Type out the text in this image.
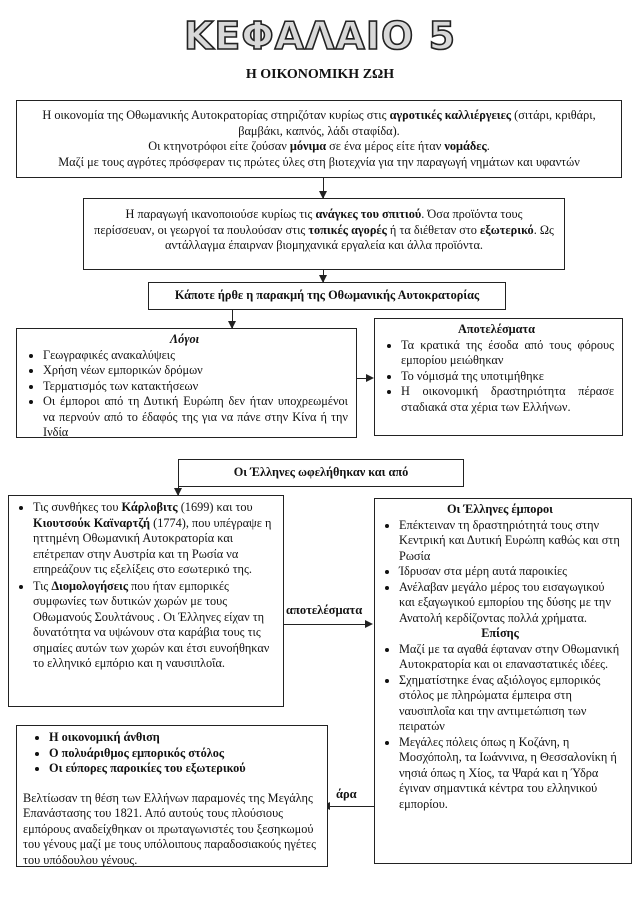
ΚΕΦΑΛΑΙΟ 5
Η ΟΙΚΟΝΟΜΙΚΗ ΖΩΗ
Η οικονομία της Οθωμανικής Αυτοκρατορίας στηριζόταν κυρίως στις αγροτικές καλλιέργειες (σιτάρι, κριθάρι, βαμβάκι, καπνός, λάδι σταφίδα).
Οι κτηνοτρόφοι είτε ζούσαν μόνιμα σε ένα μέρος είτε ήταν νομάδες.
Μαζί με τους αγρότες πρόσφεραν τις πρώτες ύλες στη βιοτεχνία για την παραγωγή νημάτων και υφαντών
Η παραγωγή ικανοποιούσε κυρίως τις ανάγκες του σπιτιού. Όσα προϊόντα τους περίσσευαν, οι γεωργοί τα πουλούσαν στις τοπικές αγορές ή τα διέθεταν στο εξωτερικό. Ως αντάλλαγμα έπαιρναν βιομηχανικά εργαλεία και άλλα προϊόντα.
Κάποτε ήρθε η παρακμή της Οθωμανικής Αυτοκρατορίας
Λόγοι
• Γεωγραφικές ανακαλύψεις
• Χρήση νέων εμπορικών δρόμων
• Τερματισμός των κατακτήσεων
• Οι έμποροι από τη Δυτική Ευρώπη δεν ήταν υποχρεωμένοι να περνούν από το έδαφός της για να πάνε στην Κίνα ή την Ινδία
Αποτελέσματα
• Τα κρατικά της έσοδα από τους φόρους εμπορίου μειώθηκαν
• Το νόμισμά της υποτιμήθηκε
• Η οικονομική δραστηριότητα πέρασε σταδιακά στα χέρια των Ελλήνων.
Οι Έλληνες ωφελήθηκαν και από
• Τις συνθήκες του Κάρλοβιτς (1699) και του Κιουτσούκ Καϊναρτζή (1774), που υπέγραψε η ηττημένη Οθωμανική Αυτοκρατορία και επέτρεπαν στην Αυστρία και τη Ρωσία να επηρεάζουν τις εξελίξεις στο εσωτερικό της.
• Τις Διομολογήσεις που ήταν εμπορικές συμφωνίες των δυτικών χωρών με τους Οθωμανούς Σουλτάνους . Οι Έλληνες είχαν τη δυνατότητα να υψώνουν στα καράβια τους τις σημαίες αυτών των χωρών και έτσι ευνοήθηκαν το ελληνικό εμπόριο και η ναυσιπλοΐα.
αποτελέσματα
Οι Έλληνες έμποροι
• Επέκτειναν τη δραστηριότητά τους στην Κεντρική και Δυτική Ευρώπη καθώς και στη Ρωσία
• Ίδρυσαν στα μέρη αυτά παροικίες
• Ανέλαβαν μεγάλο μέρος του εισαγωγικού και εξαγωγικού εμπορίου της δύσης με την Ανατολή κερδίζοντας πολλά χρήματα.
Επίσης
• Μαζί με τα αγαθά έφταναν στην Οθωμανική Αυτοκρατορία και οι επαναστατικές ιδέες.
• Σχηματίστηκε ένας αξιόλογος εμπορικός στόλος με πληρώματα έμπειρα στη ναυσιπλοΐα και την αντιμετώπιση των πειρατών
• Μεγάλες πόλεις όπως η Κοζάνη, η Μοσχόπολη, τα Ιωάννινα, η Θεσσαλονίκη ή νησιά όπως η Χίος, τα Ψαρά και η Ύδρα έγιναν σημαντικά κέντρα του ελληνικού εμπορίου.
άρα
• Η οικονομική άνθιση
• Ο πολυάριθμος εμπορικός στόλος
• Οι εύπορες παροικίες του εξωτερικού
Βελτίωσαν τη θέση των Ελλήνων παραμονές της Μεγάλης Επανάστασης του 1821. Από αυτούς τους πλούσιους εμπόρους αναδείχθηκαν οι πρωταγωνιστές του ξεσηκωμού του γένους μαζί με τους υπόλοιπους παραδοσιακούς ηγέτες του υπόδουλου γένους.
